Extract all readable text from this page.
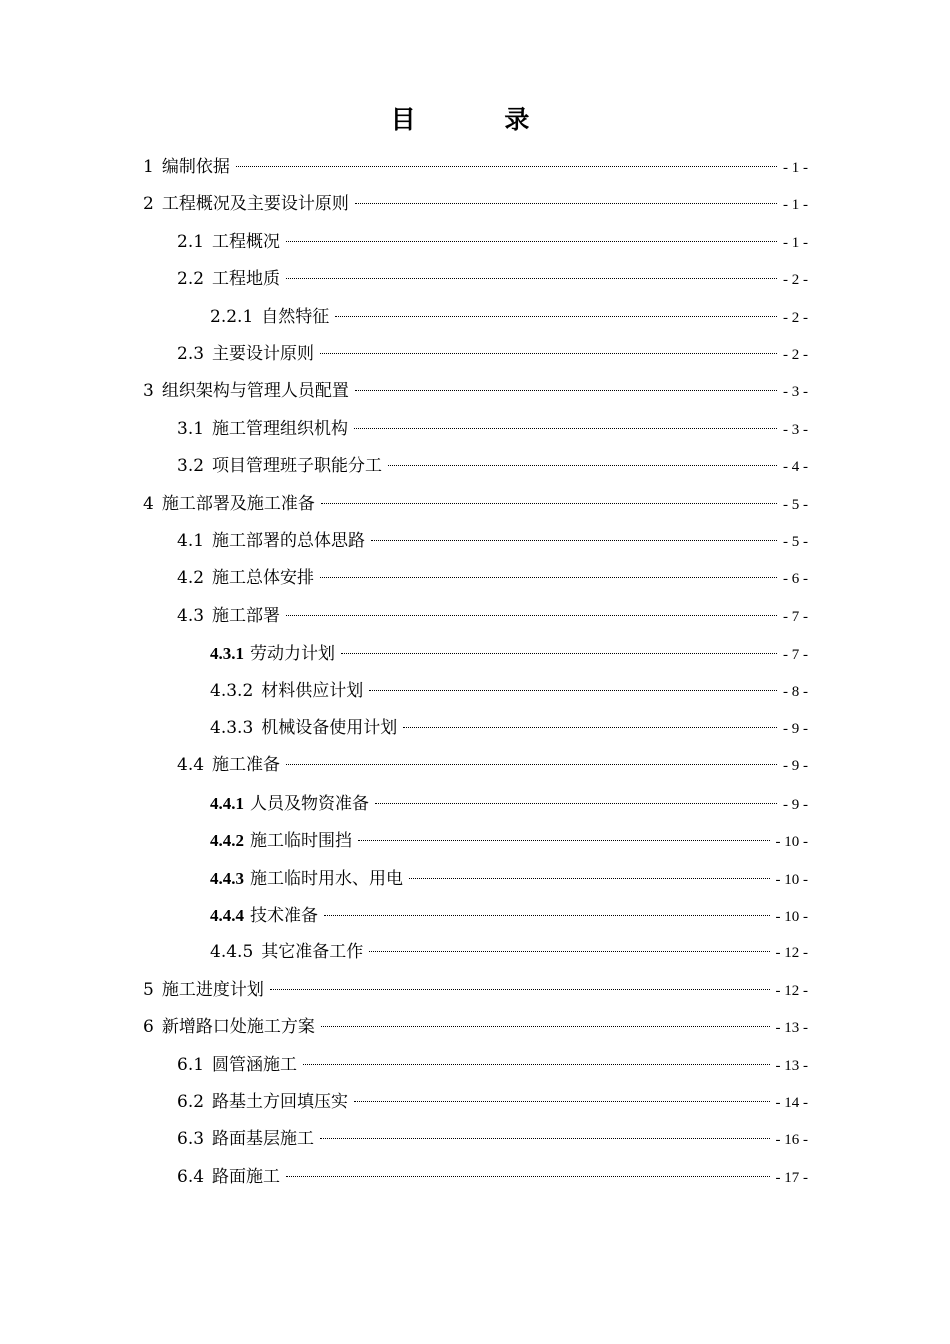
目 录
1 编制依据	- 1 -
2 工程概况及主要设计原则	- 1 -
2.1 工程概况	- 1 -
2.2 工程地质	- 2 -
2.2.1 自然特征	- 2 -
2.3 主要设计原则	- 2 -
3 组织架构与管理人员配置	- 3 -
3.1 施工管理组织机构	- 3 -
3.2 项目管理班子职能分工	- 4 -
4 施工部署及施工准备	- 5 -
4.1 施工部署的总体思路	- 5 -
4.2 施工总体安排	- 6 -
4.3 施工部署	- 7 -
4.3.1 劳动力计划	- 7 -
4.3.2 材料供应计划	- 8 -
4.3.3 机械设备使用计划	- 9 -
4.4 施工准备	- 9 -
4.4.1 人员及物资准备	- 9 -
4.4.2 施工临时围挡	- 10 -
4.4.3 施工临时用水、用电	- 10 -
4.4.4 技术准备	- 10 -
4.4.5 其它准备工作	- 12 -
5 施工进度计划	- 12 -
6 新增路口处施工方案	- 13 -
6.1 圆管涵施工	- 13 -
6.2 路基土方回填压实	- 14 -
6.3 路面基层施工	- 16 -
6.4 路面施工	- 17 -
